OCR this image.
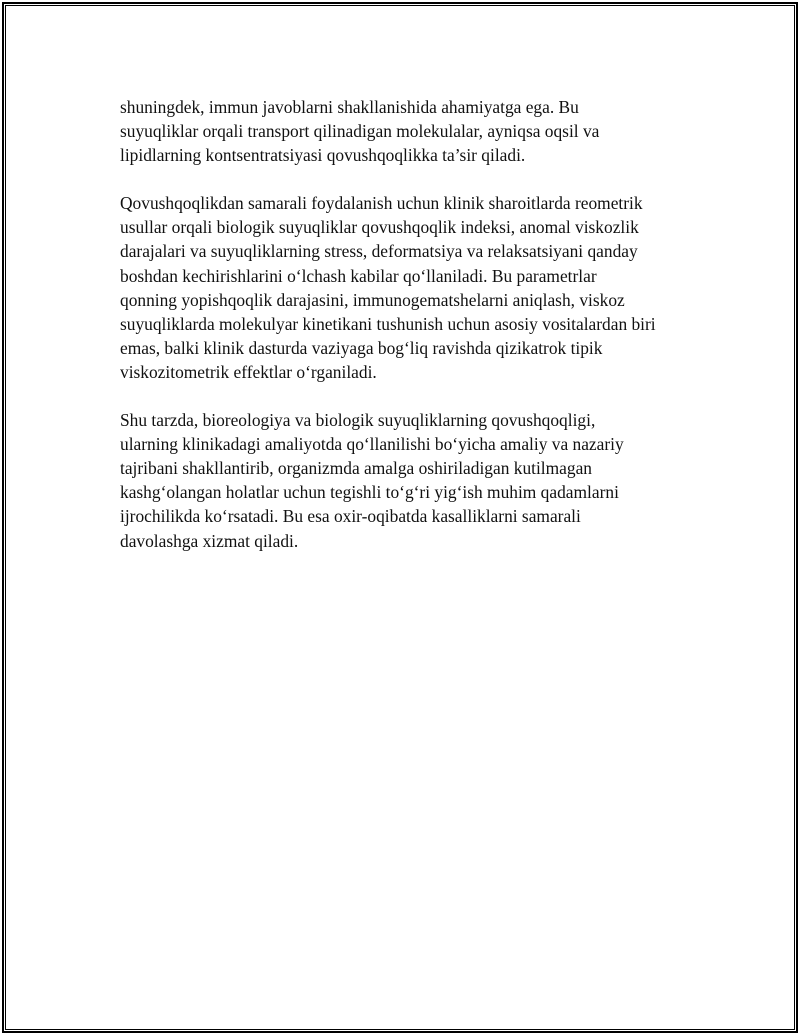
shuningdek, immun javoblarni shakllanishida ahamiyatga ega. Bu
suyuqliklar orqali transport qilinadigan molekulalar, ayniqsa oqsil va
lipidlarning kontsentratsiyasi qovushqoqlikka ta’sir qiladi.

Qovushqoqlikdan samarali foydalanish uchun klinik sharoitlarda reometrik
usullar orqali biologik suyuqliklar qovushqoqlik indeksi, anomal viskozlik
darajalari va suyuqliklarning stress, deformatsiya va relaksatsiyani qanday
boshdan kechirishlarini oʻlchash kabilar qoʻllaniladi. Bu parametrlar
qonning yopishqoqlik darajasini, immunogematshelarni aniqlash, viskoz
suyuqliklarda molekulyar kinetikani tushunish uchun asosiy vositalardan biri
emas, balki klinik dasturda vaziyaga bogʻliq ravishda qizikatrok tipik
viskozitometrik effektlar oʻrganiladi.

Shu tarzda, bioreologiya va biologik suyuqliklarning qovushqoqligi,
ularning klinikadagi amaliyotda qoʻllanilishi boʻyicha amaliy va nazariy
tajribani shakllantirib, organizmda amalga oshiriladigan kutilmagan
kashgʻolangan holatlar uchun tegishli toʻgʻri yigʻish muhim qadamlarni
ijrochilikda koʻrsatadi. Bu esa oxir-oqibatda kasalliklarni samarali
davolashga xizmat qiladi.
